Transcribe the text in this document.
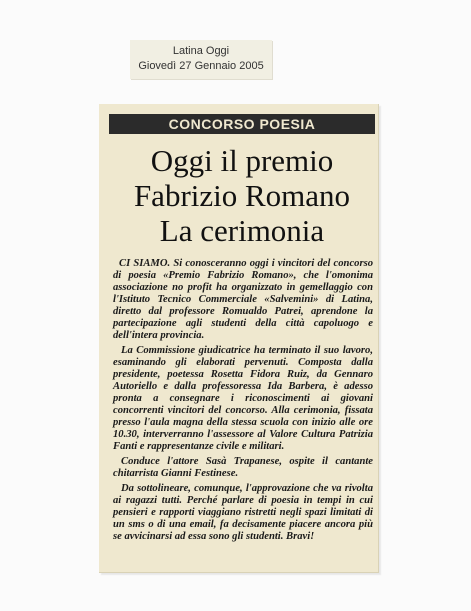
Latina Oggi
Giovedì 27 Gennaio 2005
CONCORSO POESIA
Oggi il premio
Fabrizio Romano
La cerimonia

CI SIAMO. Si conosceranno oggi i vincitori del concorso di poesia «Premio Fabrizio Romano», che l'omonima associazione no profit ha organizzato in gemellaggio con l'Istituto Tecnico Commerciale «Salvemini» di Latina, diretto dal professore Romualdo Patrei, aprendone la partecipazione agli studenti della città capoluogo e dell'intera provincia.

La Commissione giudicatrice ha terminato il suo lavoro, esaminando gli elaborati pervenuti. Composta dalla presidente, poetessa Rosetta Fidora Ruiz, da Gennaro Autoriello e dalla professoressa Ida Barbera, è adesso pronta a consegnare i riconoscimenti ai giovani concorrenti vincitori del concorso. Alla cerimonia, fissata presso l'aula magna della stessa scuola con inizio alle ore 10.30, interverranno l'assessore al Valore Cultura Patrizia Fanti e rappresentanze civile e militari.

Conduce l'attore Sasà Trapanese, ospite il cantante chitarrista Gianni Festinese.

Da sottolineare, comunque, l'approvazione che va rivolta ai ragazzi tutti. Perché parlare di poesia in tempi in cui pensieri e rapporti viaggiano ristretti negli spazi limitati di un sms o di una email, fa decisamente piacere ancora più se avvicinarsi ad essa sono gli studenti. Bravi!
